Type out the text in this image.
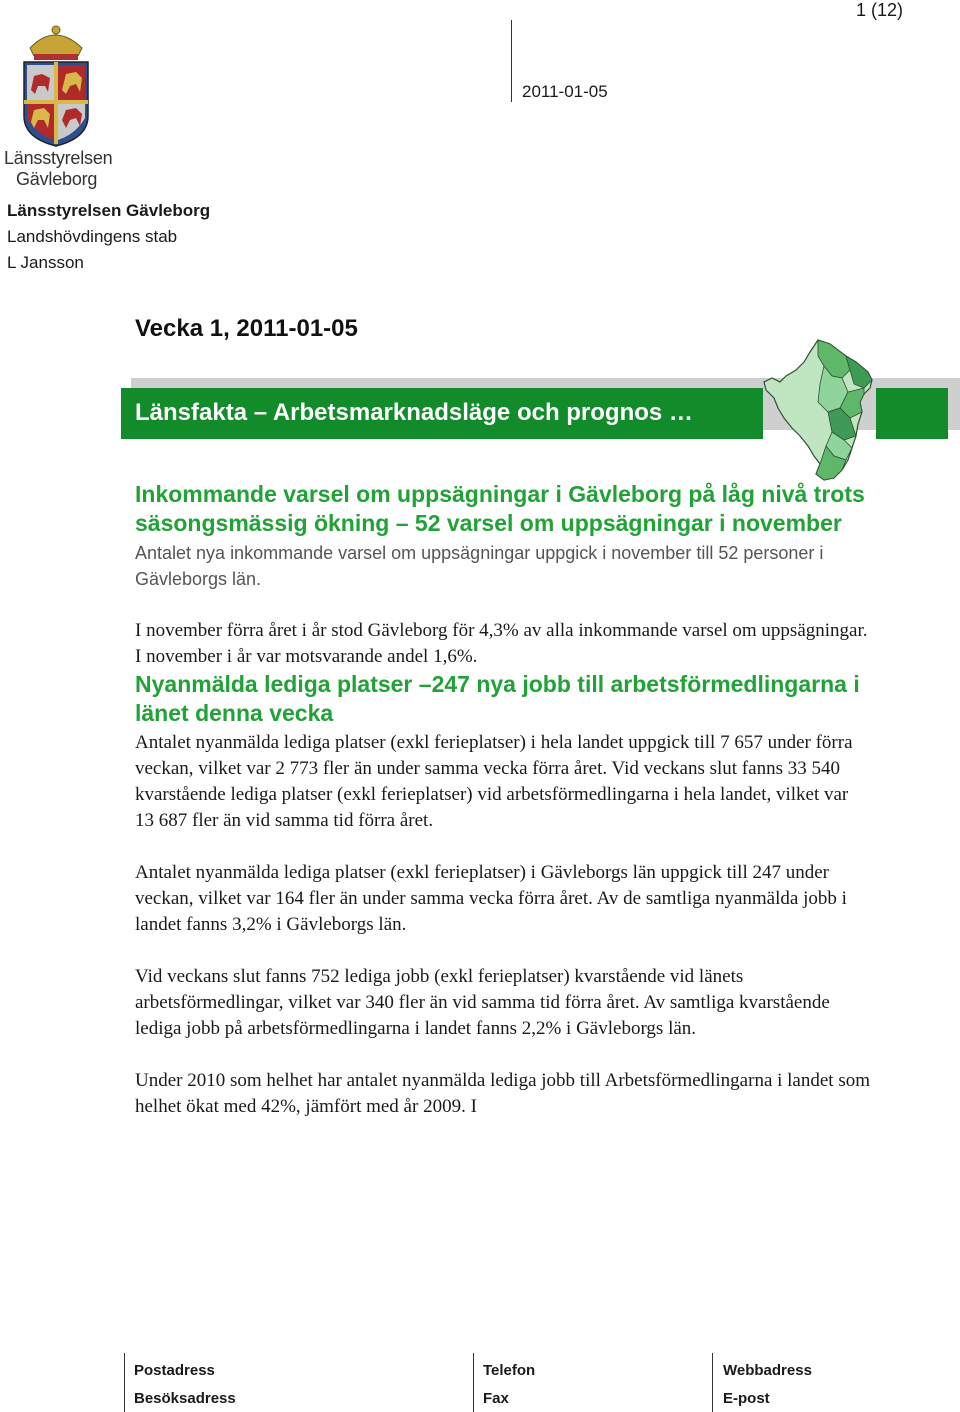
1 (12)
2011-01-05
Länsstyrelsen
Gävleborg
Länsstyrelsen Gävleborg
Landshövdingens stab
L Jansson
Vecka 1, 2011-01-05
Länsfakta – Arbetsmarknadsläge och prognos …
Inkommande varsel om uppsägningar i Gävleborg på låg nivå trots säsongsmässig ökning – 52 varsel om uppsägningar i november

Antalet nya inkommande varsel om uppsägningar uppgick i november till 52 personer i Gävleborgs län.

I november förra året i år stod Gävleborg för 4,3% av alla inkommande varsel om uppsägningar. I november i år var motsvarande andel 1,6%.

Nyanmälda lediga platser –247 nya jobb till arbetsförmedlingarna i länet denna vecka

Antalet nyanmälda lediga platser (exkl ferieplatser) i hela landet uppgick till 7 657 under förra veckan, vilket var 2 773 fler än under samma vecka förra året. Vid veckans slut fanns 33 540 kvarstående lediga platser (exkl ferieplatser) vid arbetsförmedlingarna i hela landet, vilket var 13 687 fler än vid samma tid förra året.

Antalet nyanmälda lediga platser (exkl ferieplatser) i Gävleborgs län uppgick till 247 under veckan, vilket var 164 fler än under samma vecka förra året. Av de samtliga nyanmälda jobb i landet fanns 3,2% i Gävleborgs län.

Vid veckans slut fanns 752 lediga jobb (exkl ferieplatser) kvarstående vid länets arbetsförmedlingar, vilket var 340 fler än vid samma tid förra året. Av samtliga kvarstående lediga jobb på arbetsförmedlingarna i landet fanns 2,2% i Gävleborgs län.

Under 2010 som helhet har antalet nyanmälda lediga jobb till Arbetsförmedlingarna i landet som helhet ökat med 42%, jämfört med år 2009. I

Postadress
Besöksadress
Telefon
Fax
Webbadress
E-post
